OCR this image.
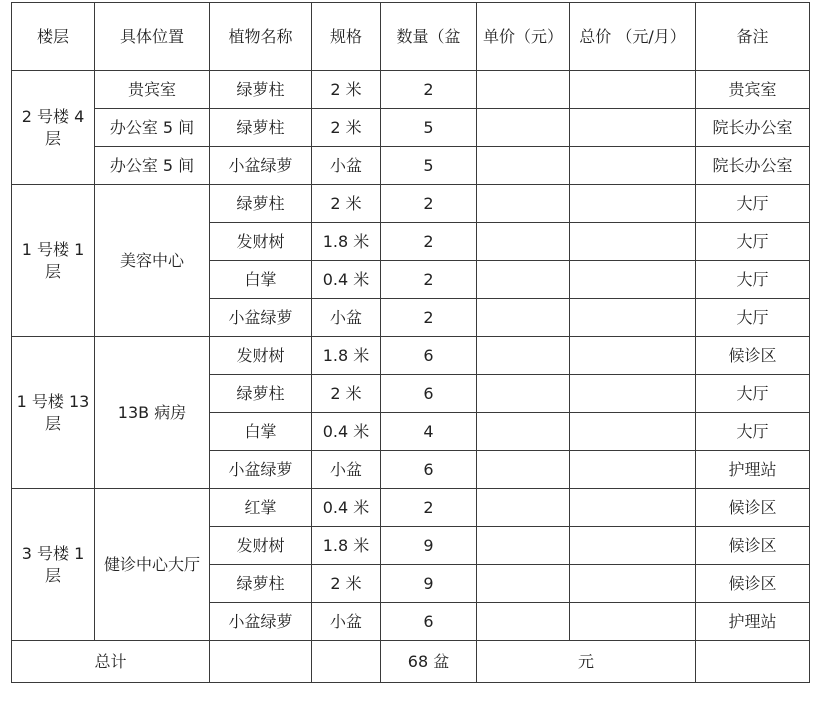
楼层	具体位置	植物名称	规格	数量（盆	单价（元）	总价 （元/月）	备注
2 号楼 4 层	贵宾室	绿萝柱	2 米	2			贵宾室
	办公室 5 间	绿萝柱	2 米	5			院长办公室
	办公室 5 间	小盆绿萝	小盆	5			院长办公室
1 号楼 1 层	美容中心	绿萝柱	2 米	2			大厅
		发财树	1.8 米	2			大厅
		白掌	0.4 米	2			大厅
		小盆绿萝	小盆	2			大厅
1 号楼 13 层	13B 病房	发财树	1.8 米	6			候诊区
		绿萝柱	2 米	6			大厅
		白掌	0.4 米	4			大厅
		小盆绿萝	小盆	6			护理站
3 号楼 1 层	健诊中心大厅	红掌	0.4 米	2			候诊区
		发财树	1.8 米	9			候诊区
		绿萝柱	2 米	9			候诊区
		小盆绿萝	小盆	6			护理站
总计				68 盆	元		
